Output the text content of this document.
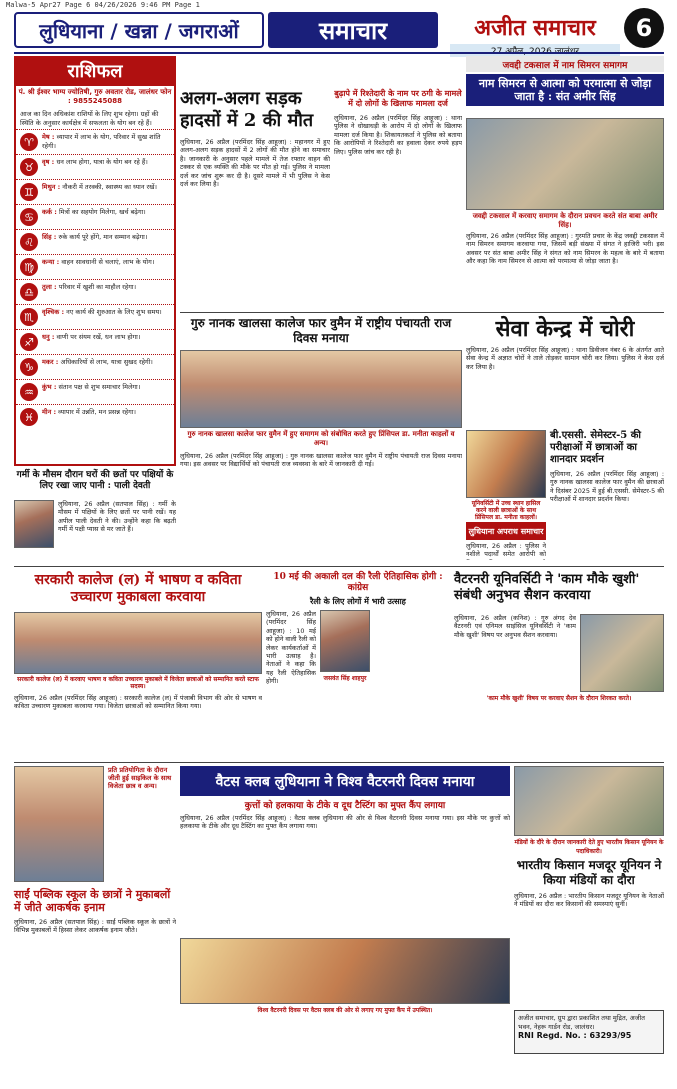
Malwa-5 Apr27 Page 6 04/26/2026 9:46 PM Page 1
लुधियाना / खन्ना / जगराओं	समाचार	अजीत समाचार	6
राशिफल
पं. श्री ईश्वर भाग्य ज्योतिषी, गुरु अवतार रोड, जालंधर फोन : 9855245088
आज का दिन अधिकांश राशियों के लिए शुभ रहेगा। ग्रहों की स्थिति के अनुसार कार्यक्षेत्र में सफलता के योग बन रहे हैं।
♈	मेष : व्यापार में लाभ के योग, परिवार में सुख शांति रहेगी।
♉	वृष : धन लाभ होगा, यात्रा के योग बन रहे हैं।
♊	मिथुन : नौकरी में तरक्की, स्वास्थ्य का ध्यान रखें।
♋	कर्क : मित्रों का सहयोग मिलेगा, खर्च बढ़ेगा।
♌	सिंह : रुके कार्य पूरे होंगे, मान सम्मान बढ़ेगा।
♍	कन्या : वाहन सावधानी से चलाएं, लाभ के योग।
♎	तुला : परिवार में खुशी का माहौल रहेगा।
♏	वृश्चिक : नए कार्य की शुरुआत के लिए शुभ समय।
♐	धनु : वाणी पर संयम रखें, धन लाभ होगा।
♑	मकर : अधिकारियों से लाभ, यात्रा सुखद रहेगी।
♒	कुंभ : संतान पक्ष से शुभ समाचार मिलेगा।
♓	मीन : व्यापार में उन्नति, मन प्रसन्न रहेगा।
गर्मी के मौसम दौरान घरों की छतों पर पक्षियों के लिए रखा जाए पानी : पाली देवती
लुधियाना, 26 अप्रैल (सतपाल सिंह) : गर्मी के मौसम में पक्षियों के लिए छतों पर पानी रखें। यह अपील पाली देवती ने की। उन्होंने कहा कि बढ़ती गर्मी में पक्षी प्यास से मर जाते हैं।
अलग-अलग सड़क हादसों में 2 की मौत
लुधियाना, 26 अप्रैल (परमिंदर सिंह आहूजा) : महानगर में हुए अलग-अलग सड़क हादसों में 2 लोगों की मौत होने का समाचार है। जानकारी के अनुसार पहले मामले में तेज रफ्तार वाहन की टक्कर से एक व्यक्ति की मौके पर मौत हो गई। पुलिस ने मामला दर्ज कर जांच शुरू कर दी है। दूसरे मामले में भी पुलिस ने केस दर्ज कर लिया है।
बुढ़ापे में रिश्तेदारी के नाम पर ठगी के मामले में दो लोगों के खिलाफ मामला दर्ज
लुधियाना, 26 अप्रैल (परमिंदर सिंह आहूजा) : थाना पुलिस ने धोखाधड़ी के आरोप में दो लोगों के खिलाफ मामला दर्ज किया है। शिकायतकर्ता ने पुलिस को बताया कि आरोपियों ने रिश्तेदारी का हवाला देकर रुपये हड़प लिए। पुलिस जांच कर रही है।
जवद्दी टकसाल में नाम सिमरन समागम
नाम सिमरन से आत्मा को परमात्मा से जोड़ा जाता है : संत अमीर सिंह
जवद्दी टकसाल में करवाए समागम के दौरान प्रवचन करते संत बाबा अमीर सिंह।
लुधियाना, 26 अप्रैल (परमिंदर सिंह आहूजा) : गुरमति प्रचार के केंद्र जवद्दी टकसाल में नाम सिमरन समागम करवाया गया, जिसमें बड़ी संख्या में संगत ने हाजिरी भरी। इस अवसर पर संत बाबा अमीर सिंह ने संगत को नाम सिमरन के महत्व के बारे में बताया और कहा कि नाम सिमरन से आत्मा को परमात्मा से जोड़ा जाता है।
सेवा केन्द्र में चोरी
लुधियाना, 26 अप्रैल (परमिंदर सिंह आहूजा) : थाना डिवीजन नंबर 6 के अंतर्गत आते सेवा केन्द्र में अज्ञात चोरों ने ताले तोड़कर सामान चोरी कर लिया। पुलिस ने केस दर्ज कर लिया है।
गुरु नानक खालसा कालेज फार वुमैन में राष्ट्रीय पंचायती राज दिवस मनाया
गुरु नानक खालसा कालेज फार वुमैन में हुए समागम को संबोधित करते हुए प्रिंसिपल डा. मनीता काहलों व अन्य।
लुधियाना, 26 अप्रैल (परमिंदर सिंह आहूजा) : गुरु नानक खालसा कालेज फार वुमैन में राष्ट्रीय पंचायती राज दिवस मनाया गया। इस अवसर पर विद्यार्थियों को पंचायती राज व्यवस्था के बारे में जानकारी दी गई।
यूनिवर्सिटी में उच्च स्थान हासिल करने वाली छात्राओं के साथ प्रिंसिपल डा. मनीता काहलों।
बी.एससी. सेमेस्टर-5 की परीक्षाओं में छात्राओं का शानदार प्रदर्शन
लुधियाना, 26 अप्रैल (परमिंदर सिंह आहूजा) : गुरु नानक खालसा कालेज फार वुमैन की छात्राओं ने दिसंबर 2025 में हुई बी.एससी. सेमेस्टर-5 की परीक्षाओं में शानदार प्रदर्शन किया।
लुधियाना अपराध समाचार
लुधियाना, 26 अप्रैल : पुलिस ने नशीले पदार्थों समेत आरोपी को
सरकारी कालेज (ल) में भाषण व कविता उच्चारण मुकाबला करवाया
सरकारी कालेज (ल) में करवाए भाषण व कविता उच्चारण मुकाबले में विजेता छात्राओं को सम्मानित करते स्टाफ सदस्य।
लुधियाना, 26 अप्रैल (परमिंदर सिंह आहूजा) : सरकारी कालेज (ल) में पंजाबी विभाग की ओर से भाषण व कविता उच्चारण मुकाबला करवाया गया। विजेता छात्राओं को सम्मानित किया गया।
10 मई की अकाली दल की रैली ऐतिहासिक होगी : कांग्रेस
रैली के लिए लोगों में भारी उत्साह
जसवंत सिंह शाहपुर
लुधियाना, 26 अप्रैल (परमिंदर सिंह आहूजा) : 10 मई को होने वाली रैली को लेकर कार्यकर्ताओं में भारी उत्साह है। नेताओं ने कहा कि यह रैली ऐतिहासिक होगी।
वैटरनरी यूनिवर्सिटी ने 'काम मौके खुशी' संबंधी अनुभव सैशन करवाया
'काम मौके खुशी' विषय पर करवाए सैशन के दौरान शिरकत करते।
लुधियाना, 26 अप्रैल (कनिश) : गुरु अंगद देव वैटरनरी एवं एनिमल साइंसिज यूनिवर्सिटी ने 'काम मौके खुशी' विषय पर अनुभव सैशन करवाया।
वैटस क्लब लुधियाना ने विश्व वैटरनरी दिवस मनाया
कुत्तों को हलकाया के टीके व दूध टैस्टिंग का मुफ्त कैंप लगाया
लुधियाना, 26 अप्रैल (परमिंदर सिंह आहूजा) : वैटस क्लब लुधियाना की ओर से विश्व वैटरनरी दिवस मनाया गया। इस मौके पर कुत्तों को हलकाया के टीके और दूध टैस्टिंग का मुफ्त कैंप लगाया गया।
विश्व वैटरनरी दिवस पर वैटस क्लब की ओर से लगाए गए मुफ्त कैंप में उपस्थित।
प्रति प्रतियोगिता के दौरान जीती हुई साइकिल के साथ विजेता छात्र व अन्य।
साईं पब्लिक स्कूल के छात्रों ने मुकाबलों में जीते आकर्षक इनाम
लुधियाना, 26 अप्रैल (सतपाल सिंह) : साईं पब्लिक स्कूल के छात्रों ने विभिन्न मुकाबलों में हिस्सा लेकर आकर्षक इनाम जीते।
मंडियों के दौरे के दौरान जानकारी देते हुए भारतीय किसान यूनियन के पदाधिकारी।
भारतीय किसान मजदूर यूनियन ने किया मंडियों का दौरा
लुधियाना, 26 अप्रैल : भारतीय किसान मजदूर यूनियन के नेताओं ने मंडियों का दौरा कर किसानों की समस्याएं सुनीं।
अजीत समाचार, ग्रुप द्वारा प्रकाशित तथा मुद्रित, अजीत भवन, नेहरू गार्डन रोड, जालंधर।
RNI Regd. No. : 63293/95
